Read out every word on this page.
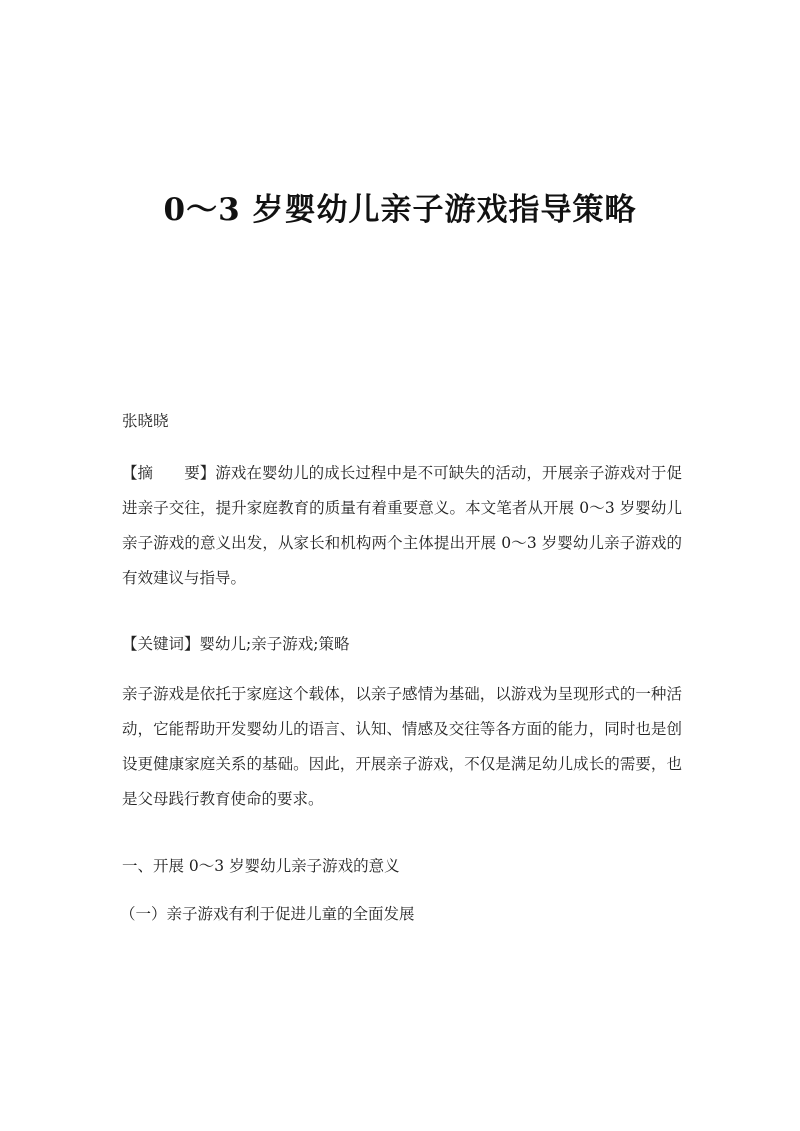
0～3 岁婴幼儿亲子游戏指导策略
张晓晓
【摘　　要】游戏在婴幼儿的成长过程中是不可缺失的活动，开展亲子游戏对于促进亲子交往，提升家庭教育的质量有着重要意义。本文笔者从开展 0～3 岁婴幼儿亲子游戏的意义出发，从家长和机构两个主体提出开展 0～3 岁婴幼儿亲子游戏的有效建议与指导。
【关键词】婴幼儿;亲子游戏;策略
亲子游戏是依托于家庭这个载体，以亲子感情为基础，以游戏为呈现形式的一种活动，它能帮助开发婴幼儿的语言、认知、情感及交往等各方面的能力，同时也是创设更健康家庭关系的基础。因此，开展亲子游戏，不仅是满足幼儿成长的需要，也是父母践行教育使命的要求。
一、开展 0～3 岁婴幼儿亲子游戏的意义
（一）亲子游戏有利于促进儿童的全面发展
